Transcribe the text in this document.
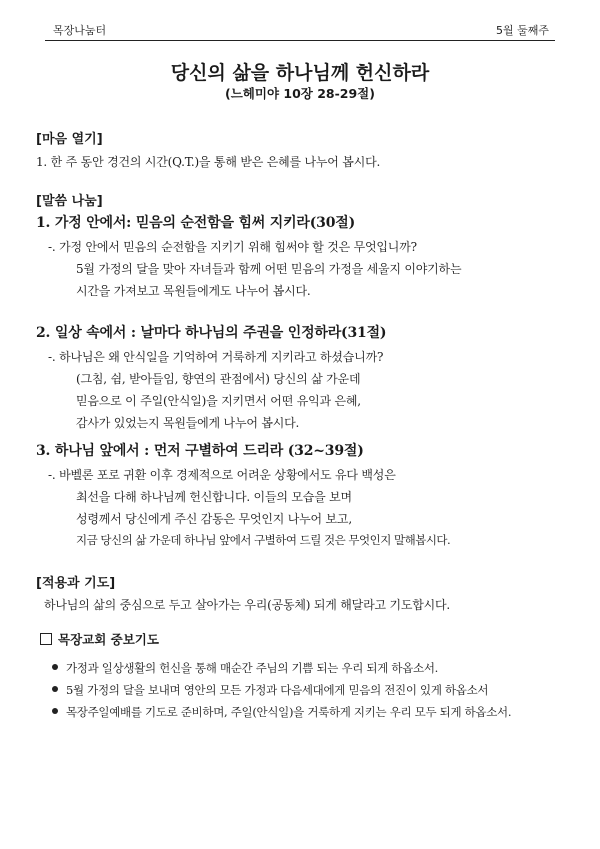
목장나눔터	5월 둘째주
당신의 삶을 하나님께 헌신하라
(느헤미야 10장 28-29절)
[마음 열기]
1. 한 주 동안 경건의 시간(Q.T.)을 통해 받은 은혜를 나누어 봅시다.
[말씀 나눔]
1. 가정 안에서: 믿음의 순전함을 힘써 지키라(30절)
-. 가정 안에서 믿음의 순전함을 지키기 위해 힘써야 할 것은 무엇입니까?
5월 가정의 달을 맞아 자녀들과 함께 어떤 믿음의 가정을 세울지 이야기하는
시간을 가져보고 목원들에게도 나누어 봅시다.
2. 일상 속에서 : 날마다 하나님의 주권을 인정하라(31절)
-. 하나님은 왜 안식일을 기억하여 거룩하게 지키라고 하셨습니까?
(그침, 쉼, 받아들임, 향연의 관점에서) 당신의 삶 가운데
믿음으로 이 주일(안식일)을 지키면서 어떤 유익과 은혜,
감사가 있었는지 목원들에게 나누어 봅시다.
3. 하나님 앞에서 : 먼저 구별하여 드리라 (32~39절)
-. 바벨론 포로 귀환 이후 경제적으로 어려운 상황에서도 유다 백성은
최선을 다해 하나님께 헌신합니다. 이들의 모습을 보며
성령께서 당신에게 주신 감동은 무엇인지 나누어 보고,
지금 당신의 삶 가운데 하나님 앞에서 구별하여 드릴 것은 무엇인지 말해봅시다.
[적용과 기도]
하나님의 삶의 중심으로 두고 살아가는 우리(공동체) 되게 해달라고 기도합시다.
목장교회 중보기도
가정과 일상생활의 헌신을 통해 매순간 주님의 기쁨 되는 우리 되게 하옵소서.
5월 가정의 달을 보내며 영안의 모든 가정과 다음세대에게 믿음의 전진이 있게 하옵소서
목장주일예배를 기도로 준비하며, 주일(안식일)을 거룩하게 지키는 우리 모두 되게 하옵소서.
